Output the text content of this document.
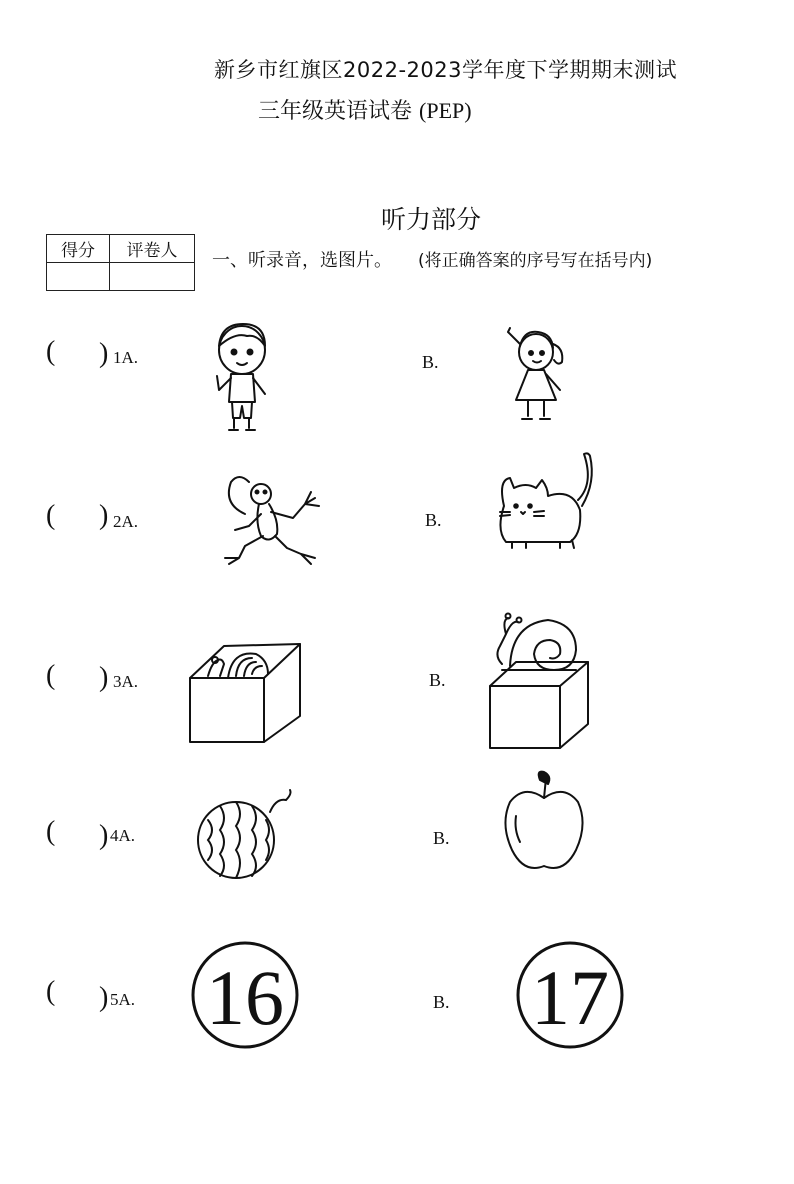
新乡市红旗区2022-2023学年度下学期期末测试
三年级英语试卷 (PEP)
听力部分
得分	评卷人
	一、听录音，选图片。 (将正确答案的序号写在括号内)
( ) 1A.	B.
( ) 2A.	B.
( ) 3A.	B.
( ) 4A.	B.
( ) 5A. 16	B. 17
